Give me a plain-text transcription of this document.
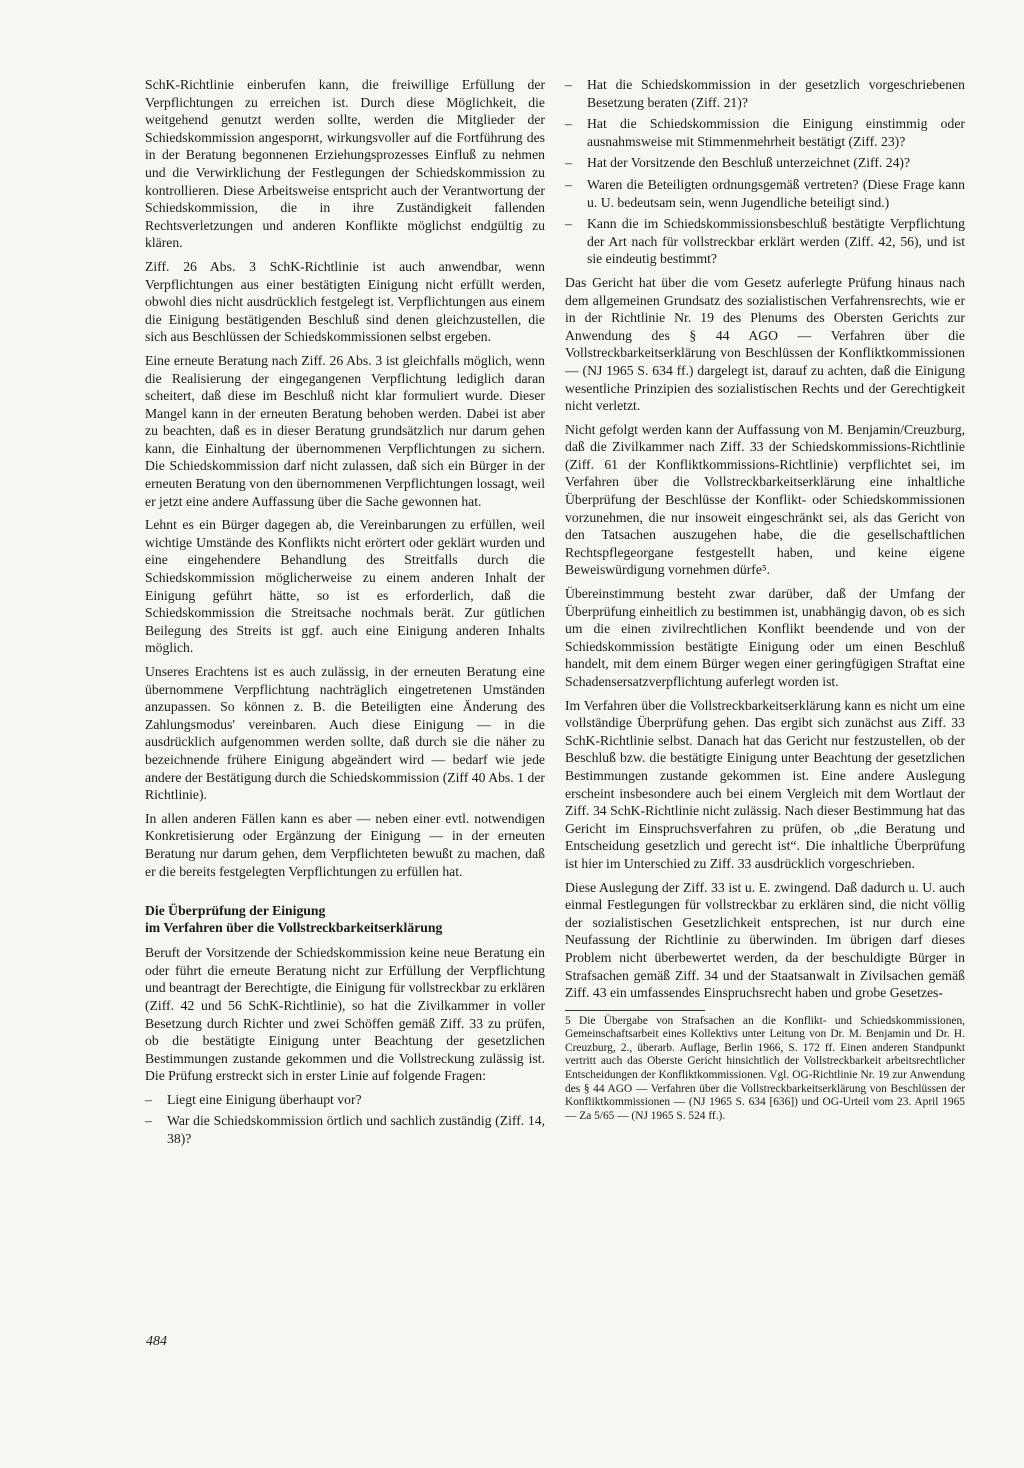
SchK-Richtlinie einberufen kann, die freiwillige Erfüllung der Verpflichtungen zu erreichen ist. Durch diese Möglichkeit, die weitgehend genutzt werden sollte, werden die Mitglieder der Schiedskommission angesporнt, wirkungsvoller auf die Fortführung des in der Beratung begonnenen Erziehungsprozesses Einfluß zu nehmen und die Verwirklichung der Festlegungen der Schiedskommission zu kontrollieren. Diese Arbeitsweise entspricht auch der Verantwortung der Schiedskommission, die in ihre Zuständigkeit fallenden Rechtsverletzungen und anderen Konflikte möglichst endgültig zu klären.

Ziff. 26 Abs. 3 SchK-Richtlinie ist auch anwendbar, wenn Verpflichtungen aus einer bestätigten Einigung nicht erfüllt werden, obwohl dies nicht ausdrücklich festgelegt ist. Verpflichtungen aus einem die Einigung bestätigenden Beschluß sind denen gleichzustellen, die sich aus Beschlüssen der Schiedskommissionen selbst ergeben.

Eine erneute Beratung nach Ziff. 26 Abs. 3 ist gleichfalls möglich, wenn die Realisierung der eingegangenen Verpflichtung lediglich daran scheitert, daß diese im Beschluß nicht klar formuliert wurde. Dieser Mangel kann in der erneuten Beratung behoben werden. Dabei ist aber zu beachten, daß es in dieser Beratung grundsätzlich nur darum gehen kann, die Einhaltung der übernommenen Verpflichtungen zu sichern. Die Schiedskommission darf nicht zulassen, daß sich ein Bürger in der erneuten Beratung von den übernommenen Verpflichtungen lossagt, weil er jetzt eine andere Auffassung über die Sache gewonnen hat.

Lehnt es ein Bürger dagegen ab, die Vereinbarungen zu erfüllen, weil wichtige Umstände des Konflikts nicht erörtert oder geklärt wurden und eine eingehendere Behandlung des Streitfalls durch die Schiedskommission möglicherweise zu einem anderen Inhalt der Einigung geführt hätte, so ist es erforderlich, daß die Schiedskommission die Streitsache nochmals berät. Zur gütlichen Beilegung des Streits ist ggf. auch eine Einigung anderen Inhalts möglich.

Unseres Erachtens ist es auch zulässig, in der erneuten Beratung eine übernommene Verpflichtung nachträglich eingetretenen Umständen anzupassen. So können z. B. die Beteiligten eine Änderung des Zahlungsmodus' vereinbaren. Auch diese Einigung — in die ausdrücklich aufgenommen werden sollte, daß durch sie die näher zu bezeichnende frühere Einigung abgeändert wird — bedarf wie jede andere der Bestätigung durch die Schiedskommission (Ziff 40 Abs. 1 der Richtlinie).

In allen anderen Fällen kann es aber — neben einer evtl. notwendigen Konkretisierung oder Ergänzung der Einigung — in der erneuten Beratung nur darum gehen, dem Verpflichteten bewußt zu machen, daß er die bereits festgelegten Verpflichtungen zu erfüllen hat.

Die Überprüfung der Einigung
im Verfahren über die Vollstreckbarkeitserklärung

Beruft der Vorsitzende der Schiedskommission keine neue Beratung ein oder führt die erneute Beratung nicht zur Erfüllung der Verpflichtung und beantragt der Berechtigte, die Einigung für vollstreckbar zu erklären (Ziff. 42 und 56 SchK-Richtlinie), so hat die Zivilkammer in voller Besetzung durch Richter und zwei Schöffen gemäß Ziff. 33 zu prüfen, ob die bestätigte Einigung unter Beachtung der gesetzlichen Bestimmungen zustande gekommen und die Vollstreckung zulässig ist. Die Prüfung erstreckt sich in erster Linie auf folgende Fragen:

– Liegt eine Einigung überhaupt vor?
– War die Schiedskommission örtlich und sachlich zuständig (Ziff. 14, 38)?
– Hat die Schiedskommission in der gesetzlich vorgeschriebenen Besetzung beraten (Ziff. 21)?
– Hat die Schiedskommission die Einigung einstimmig oder ausnahmsweise mit Stimmenmehrheit bestätigt (Ziff. 23)?
– Hat der Vorsitzende den Beschluß unterzeichnet (Ziff. 24)?
– Waren die Beteiligten ordnungsgemäß vertreten? (Diese Frage kann u. U. bedeutsam sein, wenn Jugendliche beteiligt sind.)
– Kann die im Schiedskommissionsbeschluß bestätigte Verpflichtung der Art nach für vollstreckbar erklärt werden (Ziff. 42, 56), und ist sie eindeutig bestimmt?

Das Gericht hat über die vom Gesetz auferlegte Prüfung hinaus nach dem allgemeinen Grundsatz des sozialistischen Verfahrensrechts, wie er in der Richtlinie Nr. 19 des Plenums des Obersten Gerichts zur Anwendung des § 44 AGO — Verfahren über die Vollstreckbarkeitserklärung von Beschlüssen der Konfliktkommissionen — (NJ 1965 S. 634 ff.) dargelegt ist, darauf zu achten, daß die Einigung wesentliche Prinzipien des sozialistischen Rechts und der Gerechtigkeit nicht verletzt.

Nicht gefolgt werden kann der Auffassung von M. Benjamin/Creuzburg, daß die Zivilkammer nach Ziff. 33 der Schiedskommissions-Richtlinie (Ziff. 61 der Konfliktkommissions-Richtlinie) verpflichtet sei, im Verfahren über die Vollstreckbarkeitserklärung eine inhaltliche Überprüfung der Beschlüsse der Konflikt- oder Schiedskommissionen vorzunehmen, die nur insoweit eingeschränkt sei, als das Gericht von den Tatsachen auszugehen habe, die die gesellschaftlichen Rechtspflegeorgane festgestellt haben, und keine eigene Beweiswürdigung vornehmen dürfe⁵.

Übereinstimmung besteht zwar darüber, daß der Umfang der Überprüfung einheitlich zu bestimmen ist, unabhängig davon, ob es sich um die einen zivilrechtlichen Konflikt beendende und von der Schiedskommission bestätigte Einigung oder um einen Beschluß handelt, mit dem einem Bürger wegen einer geringfügigen Straftat eine Schadensersatzverpflichtung auferlegt worden ist.

Im Verfahren über die Vollstreckbarkeitserklärung kann es nicht um eine vollständige Überprüfung gehen. Das ergibt sich zunächst aus Ziff. 33 SchK-Richtlinie selbst. Danach hat das Gericht nur festzustellen, ob der Beschluß bzw. die bestätigte Einigung unter Beachtung der gesetzlichen Bestimmungen zustande gekommen ist. Eine andere Auslegung erscheint insbesondere auch bei einem Vergleich mit dem Wortlaut der Ziff. 34 SchK-Richtlinie nicht zulässig. Nach dieser Bestimmung hat das Gericht im Einspruchsverfahren zu prüfen, ob „die Beratung und Entscheidung gesetzlich und gerecht ist“. Die inhaltliche Überprüfung ist hier im Unterschied zu Ziff. 33 ausdrücklich vorgeschrieben.

Diese Auslegung der Ziff. 33 ist u. E. zwingend. Daß dadurch u. U. auch einmal Festlegungen für vollstreckbar zu erklären sind, die nicht völlig der sozialistischen Gesetzlichkeit entsprechen, ist nur durch eine Neufassung der Richtlinie zu überwinden. Im übrigen darf dieses Problem nicht überbewertet werden, da der beschuldigte Bürger in Strafsachen gemäß Ziff. 34 und der Staatsanwalt in Zivilsachen gemäß Ziff. 43 ein umfassendes Einspruchsrecht haben und grobe Gesetzes-

5 Die Übergabe von Strafsachen an die Konflikt- und Schiedskommissionen, Gemeinschaftsarbeit eines Kollektivs unter Leitung von Dr. M. Benjamin und Dr. H. Creuzburg, 2., überarb. Auflage, Berlin 1966, S. 172 ff. Einen anderen Standpunkt vertritt auch das Oberste Gericht hinsichtlich der Vollstreckbarkeit arbeitsrechtlicher Entscheidungen der Konfliktkommissionen. Vgl. OG-Richtlinie Nr. 19 zur Anwendung des § 44 AGO — Verfahren über die Vollstreckbarkeitserklärung von Beschlüssen der Konfliktkommissionen — (NJ 1965 S. 634 [636]) und OG-Urteil vom 23. April 1965 — Za 5/65 — (NJ 1965 S. 524 ff.).

484
